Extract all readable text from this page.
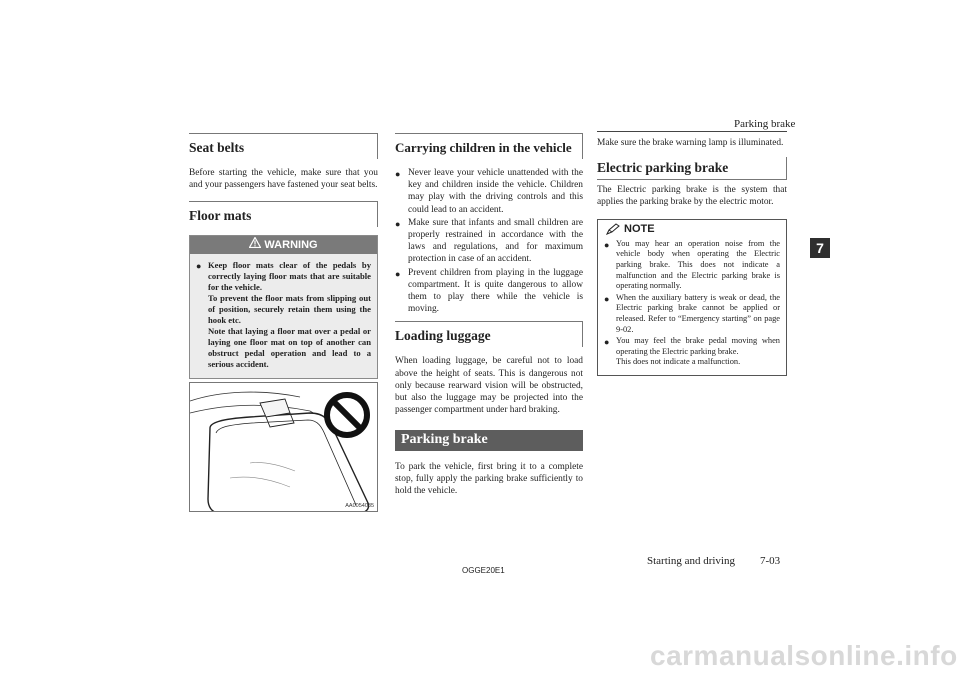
Parking brake
7
Seat belts

Before starting the vehicle, make sure that you and your passengers have fastened your seat belts.

Floor mats
WARNING
● Keep floor mats clear of the pedals by correctly laying floor mats that are suitable for the vehicle.
To prevent the floor mats from slipping out of position, securely retain them using the hook etc.
Note that laying a floor mat over a pedal or laying one floor mat on top of another can obstruct pedal operation and lead to a serious accident.
AA0054085
Carrying children in the vehicle
● Never leave your vehicle unattended with the key and children inside the vehicle. Children may play with the driving controls and this could lead to an accident.
● Make sure that infants and small children are properly restrained in accordance with the laws and regulations, and for maximum protection in case of an accident.
● Prevent children from playing in the luggage compartment. It is quite dangerous to allow them to play there while the vehicle is moving.
Loading luggage

When loading luggage, be careful not to load above the height of seats. This is dangerous not only because rearward vision will be obstructed, but also the luggage may be projected into the passenger compartment under hard braking.

Parking brake

To park the vehicle, first bring it to a complete stop, fully apply the parking brake sufficiently to hold the vehicle.

Make sure the brake warning lamp is illuminated.

Electric parking brake

The Electric parking brake is the system that applies the parking brake by the electric motor.

NOTE
● You may hear an operation noise from the vehicle body when operating the Electric parking brake. This does not indicate a malfunction and the Electric parking brake is operating normally.
● When the auxiliary battery is weak or dead, the Electric parking brake cannot be applied or released. Refer to “Emergency starting” on page 9-02.
● You may feel the brake pedal moving when operating the Electric parking brake.
This does not indicate a malfunction.
OGGE20E1
Starting and driving 7-03
carmanualsonline.info
